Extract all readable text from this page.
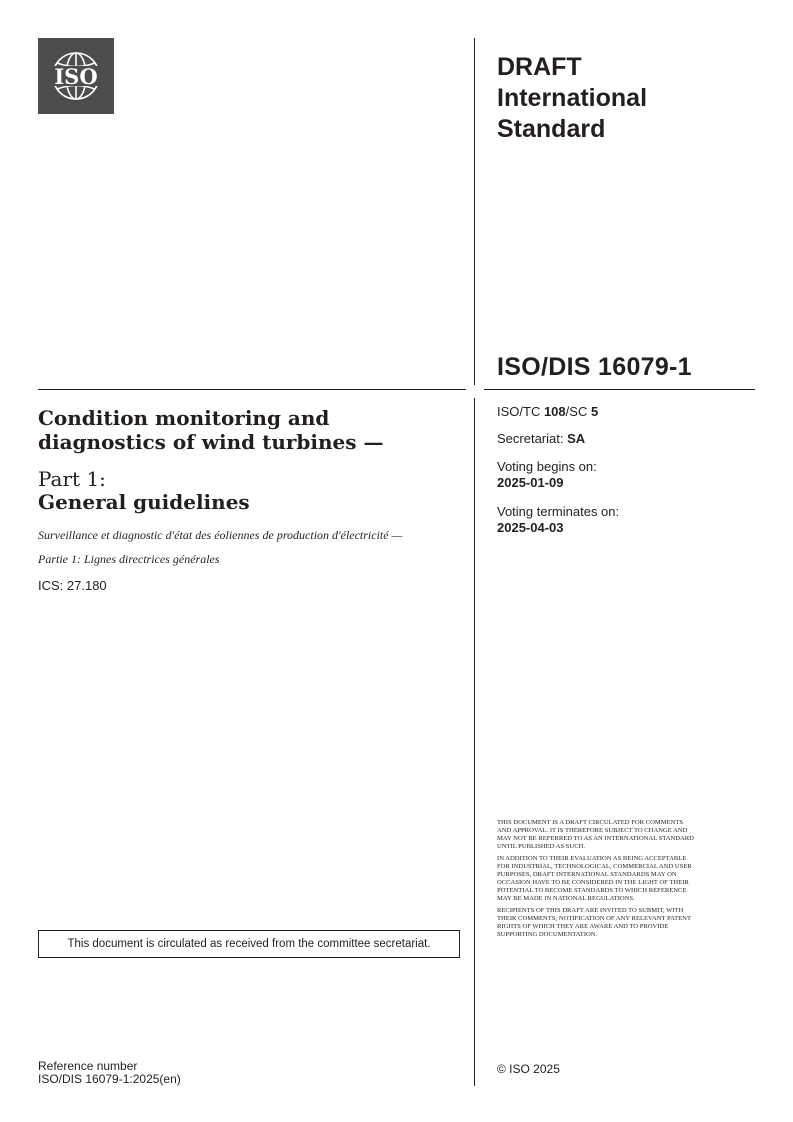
ISO	DRAFT
International
Standard
ISO/DIS 16079-1
ISO/TC 108/SC 5
Secretariat: SA
Voting begins on:
2025-01-09
Voting terminates on:
2025-04-03
Condition monitoring and diagnostics of wind turbines —
Part 1:
General guidelines
Surveillance et diagnostic d'état des éoliennes de production d'électricité —
Partie 1: Lignes directrices générales
ICS: 27.180
This document is circulated as received from the committee secretariat.
Reference number
ISO/DIS 16079-1:2025(en)

THIS DOCUMENT IS A DRAFT CIRCULATED FOR COMMENTS AND APPROVAL. IT IS THEREFORE SUBJECT TO CHANGE AND MAY NOT BE REFERRED TO AS AN INTERNATIONAL STANDARD UNTIL PUBLISHED AS SUCH.

IN ADDITION TO THEIR EVALUATION AS BEING ACCEPTABLE FOR INDUSTRIAL, TECHNOLOGICAL, COMMERCIAL AND USER PURPOSES, DRAFT INTERNATIONAL STANDARDS MAY ON OCCASION HAVE TO BE CONSIDERED IN THE LIGHT OF THEIR POTENTIAL TO BECOME STANDARDS TO WHICH REFERENCE MAY BE MADE IN NATIONAL REGULATIONS.

RECIPIENTS OF THIS DRAFT ARE INVITED TO SUBMIT, WITH THEIR COMMENTS, NOTIFICATION OF ANY RELEVANT PATENT RIGHTS OF WHICH THEY ARE AWARE AND TO PROVIDE SUPPORTING DOCUMENTATION.

© ISO 2025
